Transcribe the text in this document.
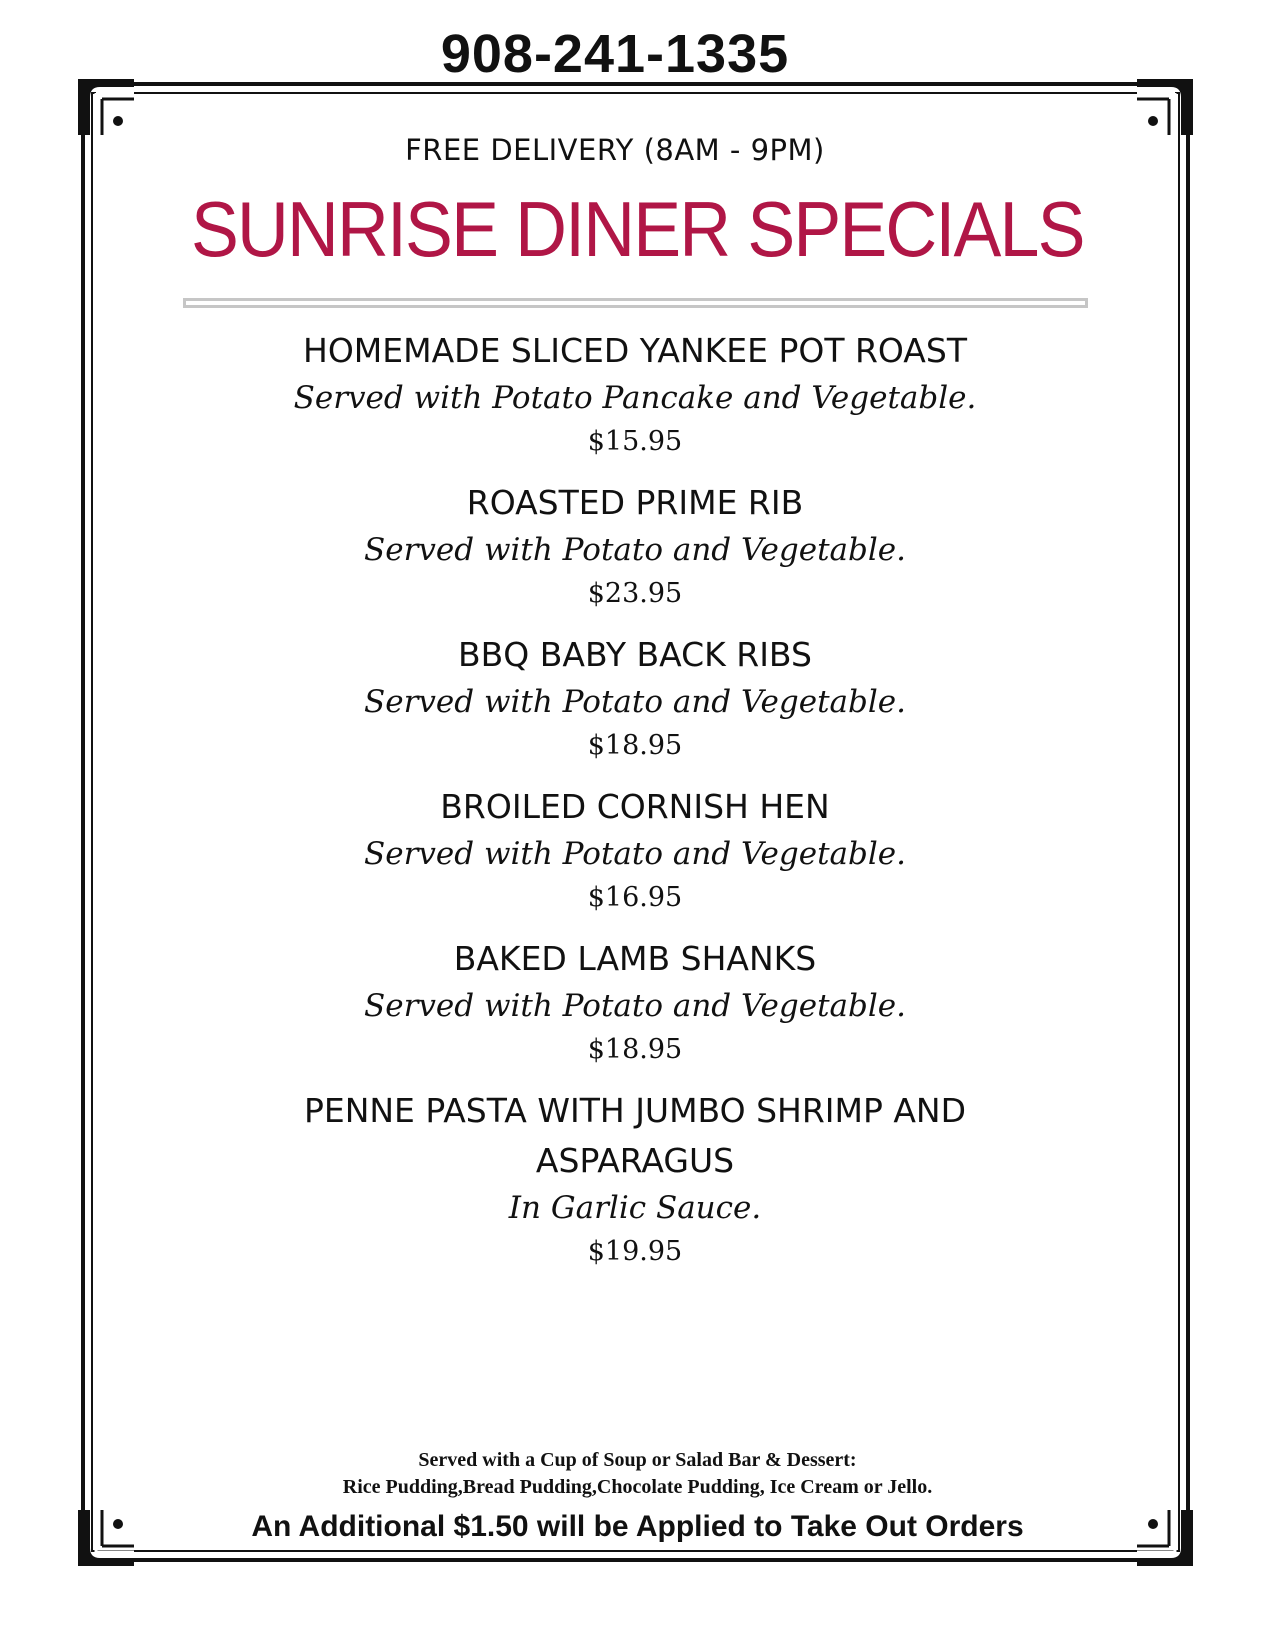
908-241-1335
FREE DELIVERY (8AM - 9PM)
SUNRISE DINER SPECIALS
HOMEMADE SLICED YANKEE POT ROAST
Served with Potato Pancake and Vegetable.
$15.95
ROASTED PRIME RIB
Served with Potato and Vegetable.
$23.95
BBQ BABY BACK RIBS
Served with Potato and Vegetable.
$18.95
BROILED CORNISH HEN
Served with Potato and Vegetable.
$16.95
BAKED LAMB SHANKS
Served with Potato and Vegetable.
$18.95
PENNE PASTA WITH JUMBO SHRIMP AND ASPARAGUS
In Garlic Sauce.
$19.95
Served with a Cup of Soup or Salad Bar & Dessert:
Rice Pudding,Bread Pudding,Chocolate Pudding, Ice Cream or Jello.
An Additional $1.50 will be Applied to Take Out Orders
